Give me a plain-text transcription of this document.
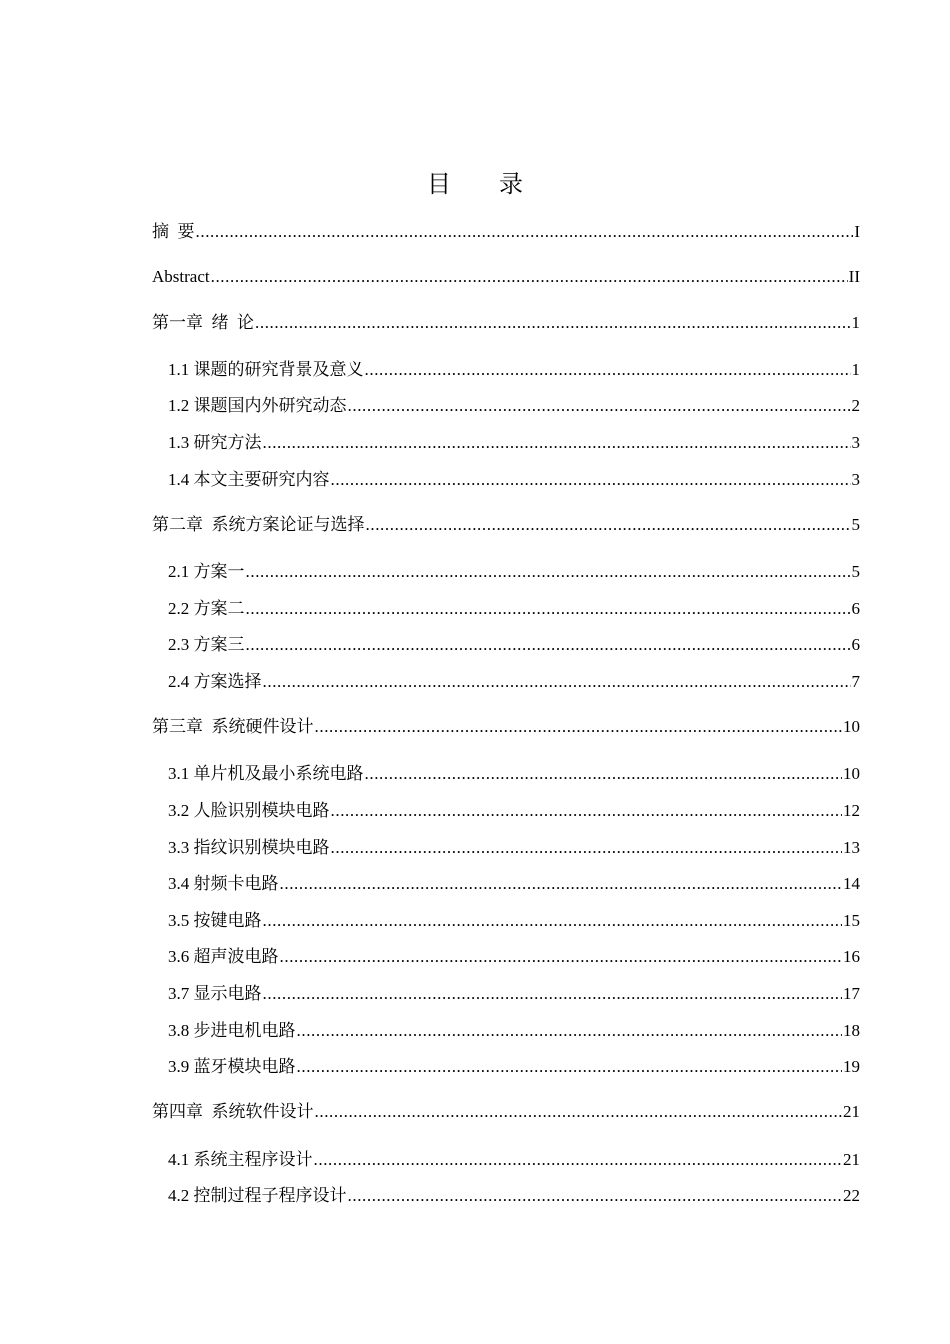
目 录
摘  要 .....	I
Abstract .....	II
第一章  绪  论 .....	1
1.1 课题的研究背景及意义 .....	1
1.2 课题国内外研究动态 .....	2
1.3 研究方法 .....	3
1.4 本文主要研究内容 .....	3
第二章  系统方案论证与选择 .....	5
2.1 方案一 .....	5
2.2 方案二 .....	6
2.3 方案三 .....	6
2.4 方案选择 .....	7
第三章  系统硬件设计 .....	10
3.1 单片机及最小系统电路 .....	10
3.2 人脸识别模块电路 .....	12
3.3 指纹识别模块电路 .....	13
3.4 射频卡电路 .....	14
3.5 按键电路 .....	15
3.6 超声波电路 .....	16
3.7 显示电路 .....	17
3.8 步进电机电路 .....	18
3.9 蓝牙模块电路 .....	19
第四章  系统软件设计 .....	21
4.1 系统主程序设计 .....	21
4.2 控制过程子程序设计 .....	22
